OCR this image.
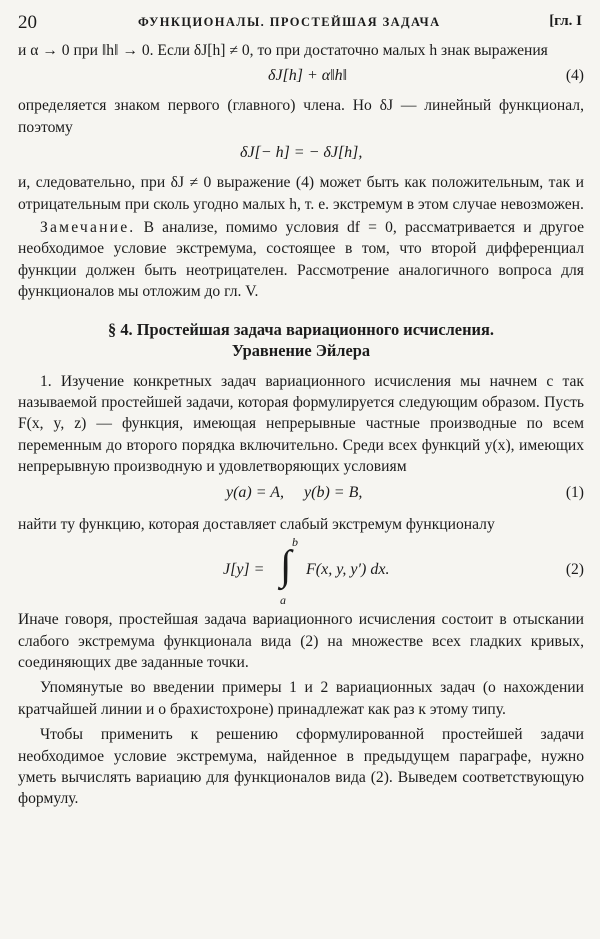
20	ФУНКЦИОНАЛЫ. ПРОСТЕЙШАЯ ЗАДАЧА	[гл. I

и α → 0 при ‖h‖ → 0. Если δJ[h] ≠ 0, то при достаточно малых h знак выражения

δJ[h] + α‖h‖	(4)

определяется знаком первого (главного) члена. Но δJ — линейный функционал, поэтому

δJ[− h] = − δJ[h],

и, следовательно, при δJ ≠ 0 выражение (4) может быть как положительным, так и отрицательным при сколь угодно малых h, т. е. экстремум в этом случае невозможен.

Замечание. В анализе, помимо условия df = 0, рассматривается и другое необходимое условие экстремума, состоящее в том, что второй дифференциал функции должен быть неотрицателен. Рассмотрение аналогичного вопроса для функционалов мы отложим до гл. V.

§ 4. Простейшая задача вариационного исчисления.
Уравнение Эйлера

1. Изучение конкретных задач вариационного исчисления мы начнем с так называемой простейшей задачи, которая формулируется следующим образом. Пусть F(x, y, z) — функция, имеющая непрерывные частные производные по всем переменным до второго порядка включительно. Среди всех функций y(x), имеющих непрерывную производную и удовлетворяющих условиям

y(a) = A,     y(b) = B,	(1)

найти ту функцию, которая доставляет слабый экстремум функционалу

J[y] = ∫
b
a
F(x, y, y′) dx.	(2)

Иначе говоря, простейшая задача вариационного исчисления состоит в отыскании слабого экстремума функционала вида (2) на множестве всех гладких кривых, соединяющих две заданные точки.

Упомянутые во введении примеры 1 и 2 вариационных задач (о нахождении кратчайшей линии и о брахистохроне) принадлежат как раз к этому типу.

Чтобы применить к решению сформулированной простейшей задачи необходимое условие экстремума, найденное в предыдущем параграфе, нужно уметь вычислять вариацию для функционалов вида (2). Выведем соответствующую формулу.
